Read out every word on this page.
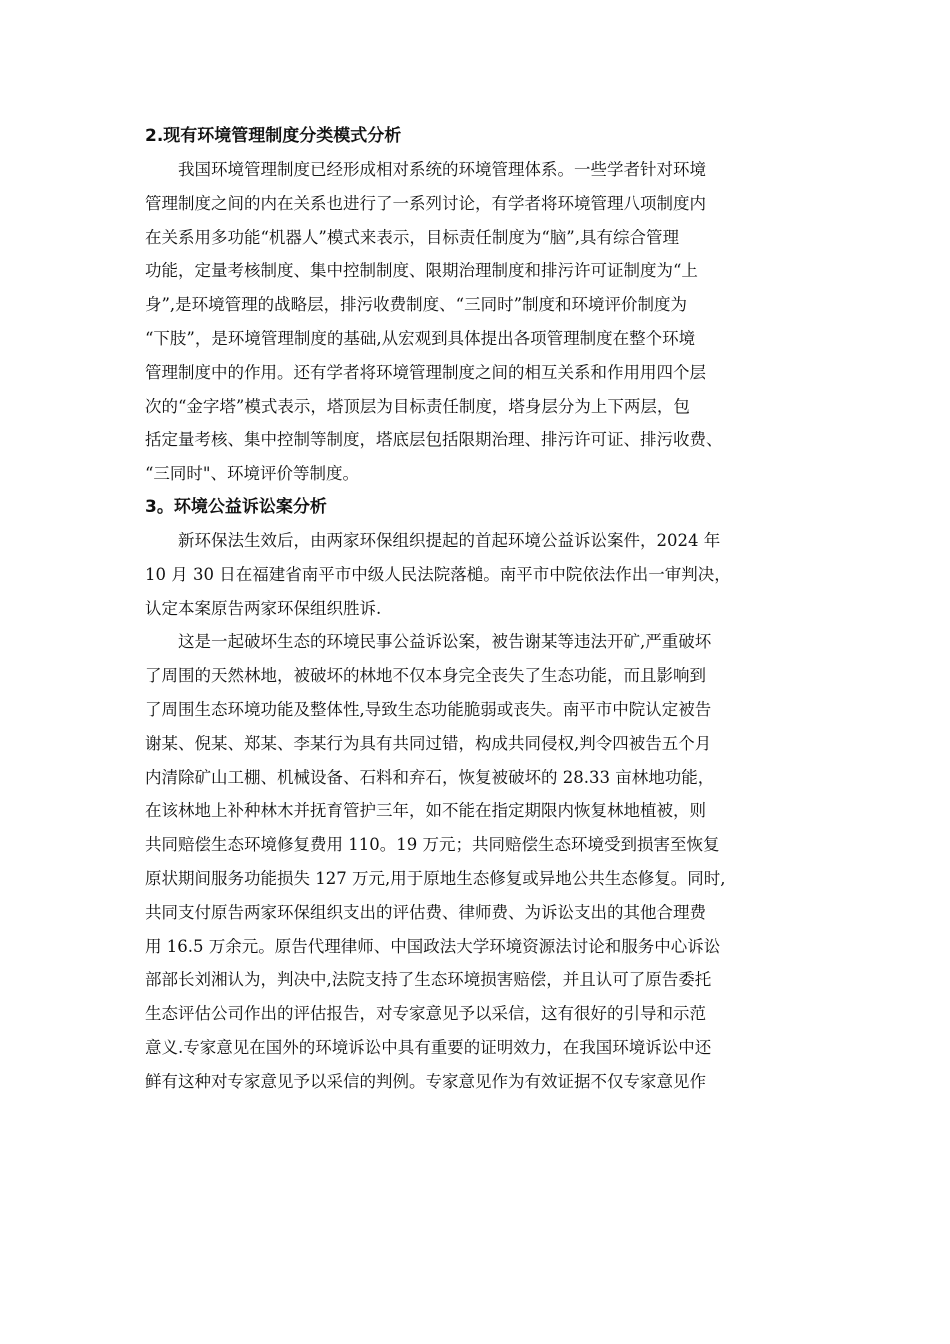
2.现有环境管理制度分类模式分析
我国环境管理制度已经形成相对系统的环境管理体系。一些学者针对环境
管理制度之间的内在关系也进行了一系列讨论，有学者将环境管理八项制度内
在关系用多功能“机器人”模式来表示，目标责任制度为“脑”,具有综合管理
功能，定量考核制度、集中控制制度、限期治理制度和排污许可证制度为“上
身”,是环境管理的战略层，排污收费制度、“三同时”制度和环境评价制度为
“下肢”，是环境管理制度的基础,从宏观到具体提出各项管理制度在整个环境
管理制度中的作用。还有学者将环境管理制度之间的相互关系和作用用四个层
次的“金字塔”模式表示，塔顶层为目标责任制度，塔身层分为上下两层，包
括定量考核、集中控制等制度，塔底层包括限期治理、排污许可证、排污收费、
“三同时"、环境评价等制度。
3。环境公益诉讼案分析
新环保法生效后，由两家环保组织提起的首起环境公益诉讼案件，2024 年
10 月 30 日在福建省南平市中级人民法院落槌。南平市中院依法作出一审判决，
认定本案原告两家环保组织胜诉.
这是一起破坏生态的环境民事公益诉讼案，被告谢某等违法开矿,严重破坏
了周围的天然林地，被破坏的林地不仅本身完全丧失了生态功能，而且影响到
了周围生态环境功能及整体性,导致生态功能脆弱或丧失。南平市中院认定被告
谢某、倪某、郑某、李某行为具有共同过错，构成共同侵权,判令四被告五个月
内清除矿山工棚、机械设备、石料和弃石，恢复被破坏的 28.33 亩林地功能，
在该林地上补种林木并抚育管护三年，如不能在指定期限内恢复林地植被，则
共同赔偿生态环境修复费用 110。19 万元；共同赔偿生态环境受到损害至恢复
原状期间服务功能损失 127 万元,用于原地生态修复或异地公共生态修复。同时,
共同支付原告两家环保组织支出的评估费、律师费、为诉讼支出的其他合理费
用 16.5 万余元。原告代理律师、中国政法大学环境资源法讨论和服务中心诉讼
部部长刘湘认为，判决中,法院支持了生态环境损害赔偿，并且认可了原告委托
生态评估公司作出的评估报告，对专家意见予以采信，这有很好的引导和示范
意义.专家意见在国外的环境诉讼中具有重要的证明效力，在我国环境诉讼中还
鲜有这种对专家意见予以采信的判例。专家意见作为有效证据不仅专家意见作
